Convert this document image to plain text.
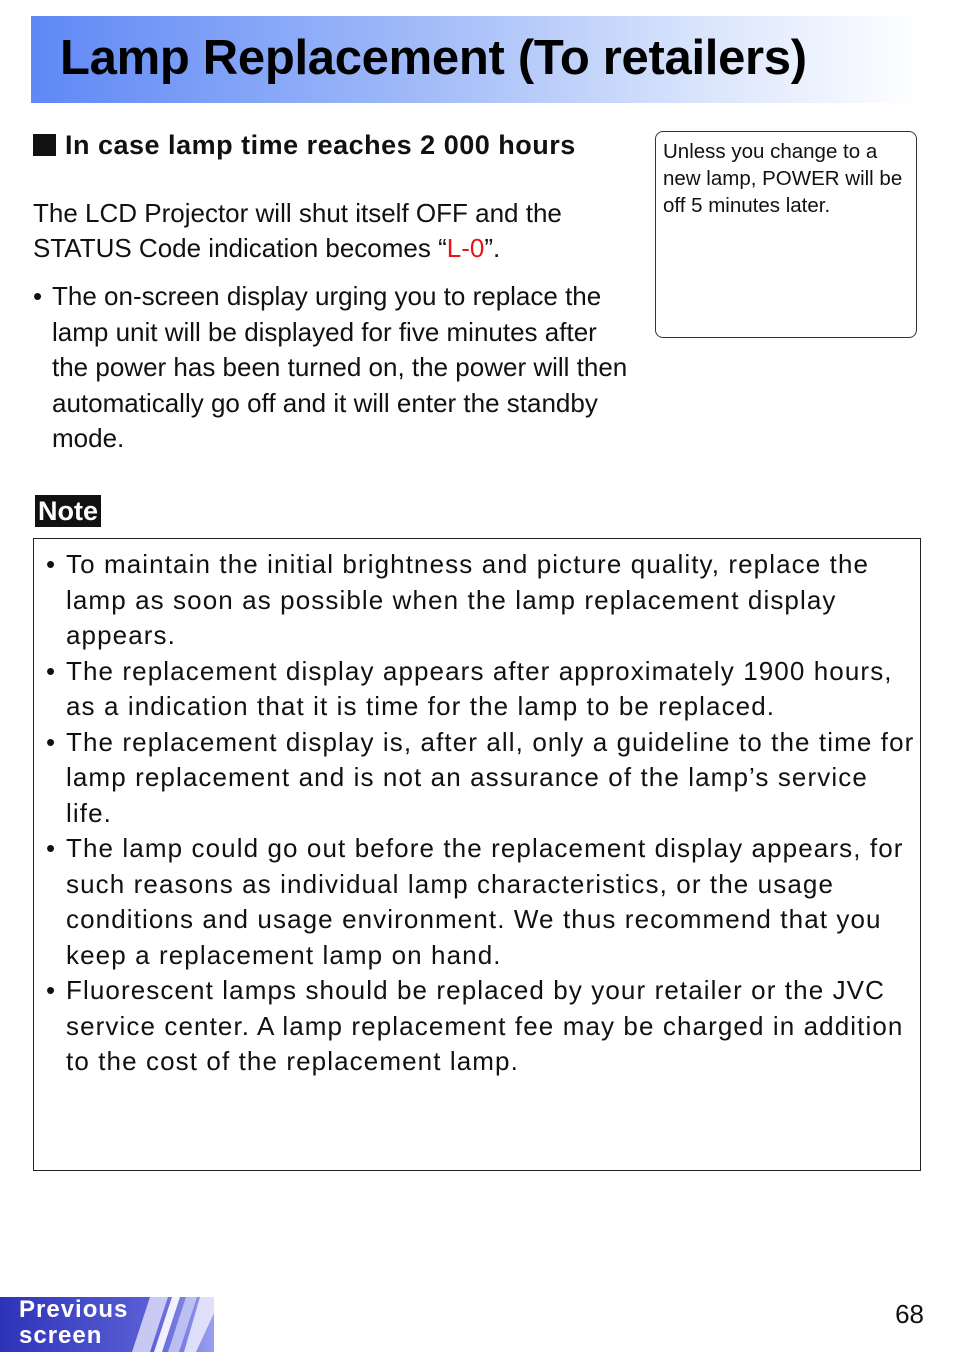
Lamp Replacement (To retailers)
In case lamp time reaches 2 000 hours
The LCD Projector will shut itself OFF and the STATUS Code indication becomes “L-0”.
• The on-screen display urging you to replace the lamp unit will be displayed for five minutes after the power has been turned on, the power will then automatically go off and it will enter the standby mode.
Unless you change to a new lamp, POWER will be off 5 minutes later.
Note
• To maintain the initial brightness and picture quality, replace the lamp as soon as possible when the lamp replacement display appears.
• The replacement display appears after approximately 1900 hours, as a indication that it is time for the lamp to be replaced.
• The replacement display is, after all, only a guideline to the time for lamp replacement and is not an assurance of the lamp’s service life.
• The lamp could go out before the replacement display appears, for such reasons as individual lamp characteristics, or the usage conditions and usage environment. We thus recommend that you keep a replacement lamp on hand.
• Fluorescent lamps should be replaced by your retailer or the JVC service center. A lamp replacement fee may be charged in addition to the cost of the replacement lamp.
Previous screen
68
